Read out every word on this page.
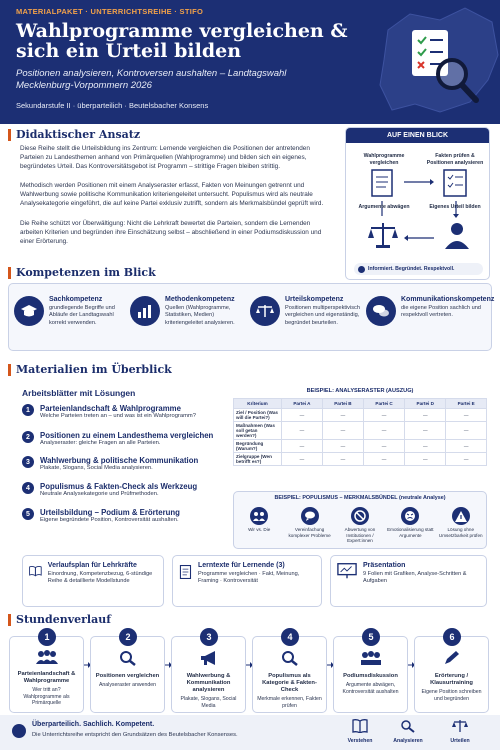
MATERIALPAKET · UNTERRICHTSREIHE · STIFO
Wahlprogramme vergleichen & sich ein Urteil bilden
Positionen analysieren, Kontroversen aushalten – Landtagswahl Mecklenburg-Vorpommern 2026
Sekundarstufe II · überparteilich · Beutelsbacher Konsens
Didaktischer Ansatz
Diese Reihe stellt die Urteilsbildung ins Zentrum: Lernende vergleichen die Positionen der antretenden Parteien zu Landesthemen anhand von Primärquellen (Wahlprogramme) und bilden sich ein eigenes, begründetes Urteil. Das Kontroversitätsgebot ist Programm – strittige Fragen bleiben strittig.
Methodisch werden Positionen mit einem Analyseraster erfasst, Fakten von Meinungen getrennt und Wahlwerbung sowie politische Kommunikation kriteriengeleitet untersucht. Populismus wird als neutrale Analysekategorie eingeführt, die auf keine Partei exklusiv zutrifft, sondern als Merkmalsbündel geprüft wird.
Die Reihe schützt vor Überwältigung: Nicht die Lehrkraft bewertet die Parteien, sondern die Lernenden arbeiten Kriterien und begründen ihre Einschätzung selbst – abschließend in einer Podiumsdiskussion und einer Erörterung.
AUF EINEN BLICK
Wahlprogramme vergleichen
Fakten prüfen & Positionen analysieren
Argumente abwägen	Eigenes Urteil bilden
Informiert. Begründet. Respektvoll.
Kompetenzen im Blick
Sachkompetenz

grundlegende Begriffe und Abläufe der Landtagswahl korrekt verwenden.

Methodenkompetenz

Quellen (Wahlprogramme, Statistiken, Medien) kriteriengeleitet analysieren.

Urteilskompetenz

Positionen multiperspektivisch vergleichen und eigenständig, begründet beurteilen.

Kommunikationskompetenz

die eigene Position sachlich und respektvoll vertreten.

Materialien im Überblick
Arbeitsblätter mit Lösungen
1	Parteienlandschaft & Wahlprogramme

Welche Parteien treten an – und was ist ein Wahlprogramm?

2	Positionen zu einem Landesthema vergleichen

Analyseraster: gleiche Fragen an alle Parteien.

3	Wahlwerbung & politische Kommunikation

Plakate, Slogans, Social Media analysieren.

4	Populismus & Fakten-Check als Werkzeug

Neutrale Analysekategorie und Prüfmethoden.

5	Urteilsbildung – Podium & Erörterung

Eigene begründete Position, Kontroversität aushalten.

BEISPIEL: ANALYSERASTER (AUSZUG)
Kriterium	Partei A	Partei B	Partei C	Partei D	Partei E
Ziel / Position (Was will die Partei?)	—	—	—	—	—
Maßnahmen (Was soll getan werden?)	—	—	—	—	—
Begründung (Warum?)	—	—	—	—	—
Zielgruppe (Wen betrifft es?)	—	—	—	—	—
BEISPIEL: POPULISMUS – MERKMALSBÜNDEL (neutrale Analyse)
Wir vs. Die	Vereinfachung komplexer Probleme
Abwertung von Institutionen / Expert:innen
Emotionalisierung statt Argumente
Lösung ohne Umsetzbarkeit prüfen
Verlaufsplan für Lehrkräfte

Einordnung, Kompetenzbezug, 6-stündige Reihe & detaillierte Modellstunde

Lerntexte für Lernende (3)

Programme vergleichen · Fakt, Meinung, Framing · Kontroversität

Präsentation

9 Folien mit Grafiken, Analyse-Schritten & Aufgaben

Stundenverlauf
1
Parteienlandschaft & Wahlprogramme

Wer tritt an? Wahlprogramme als Primärquelle

2
Positionen vergleichen

Analyseraster anwenden

3
Wahlwerbung & Kommunikation analysieren

Plakate, Slogans, Social Media

4
Populismus als Kategorie & Fakten-Check

Merkmale erkennen, Fakten prüfen

5
Podiumsdiskussion

Argumente abwägen, Kontroversität aushalten

6
Erörterung / Klausurtraining

Eigene Position schreiben und begründen

Überparteilich. Sachlich. Kompetent.
Die Unterrichtsreihe entspricht den Grundsätzen des Beutelsbacher Konsenses.
Verstehen	Analysieren	Urteilen
